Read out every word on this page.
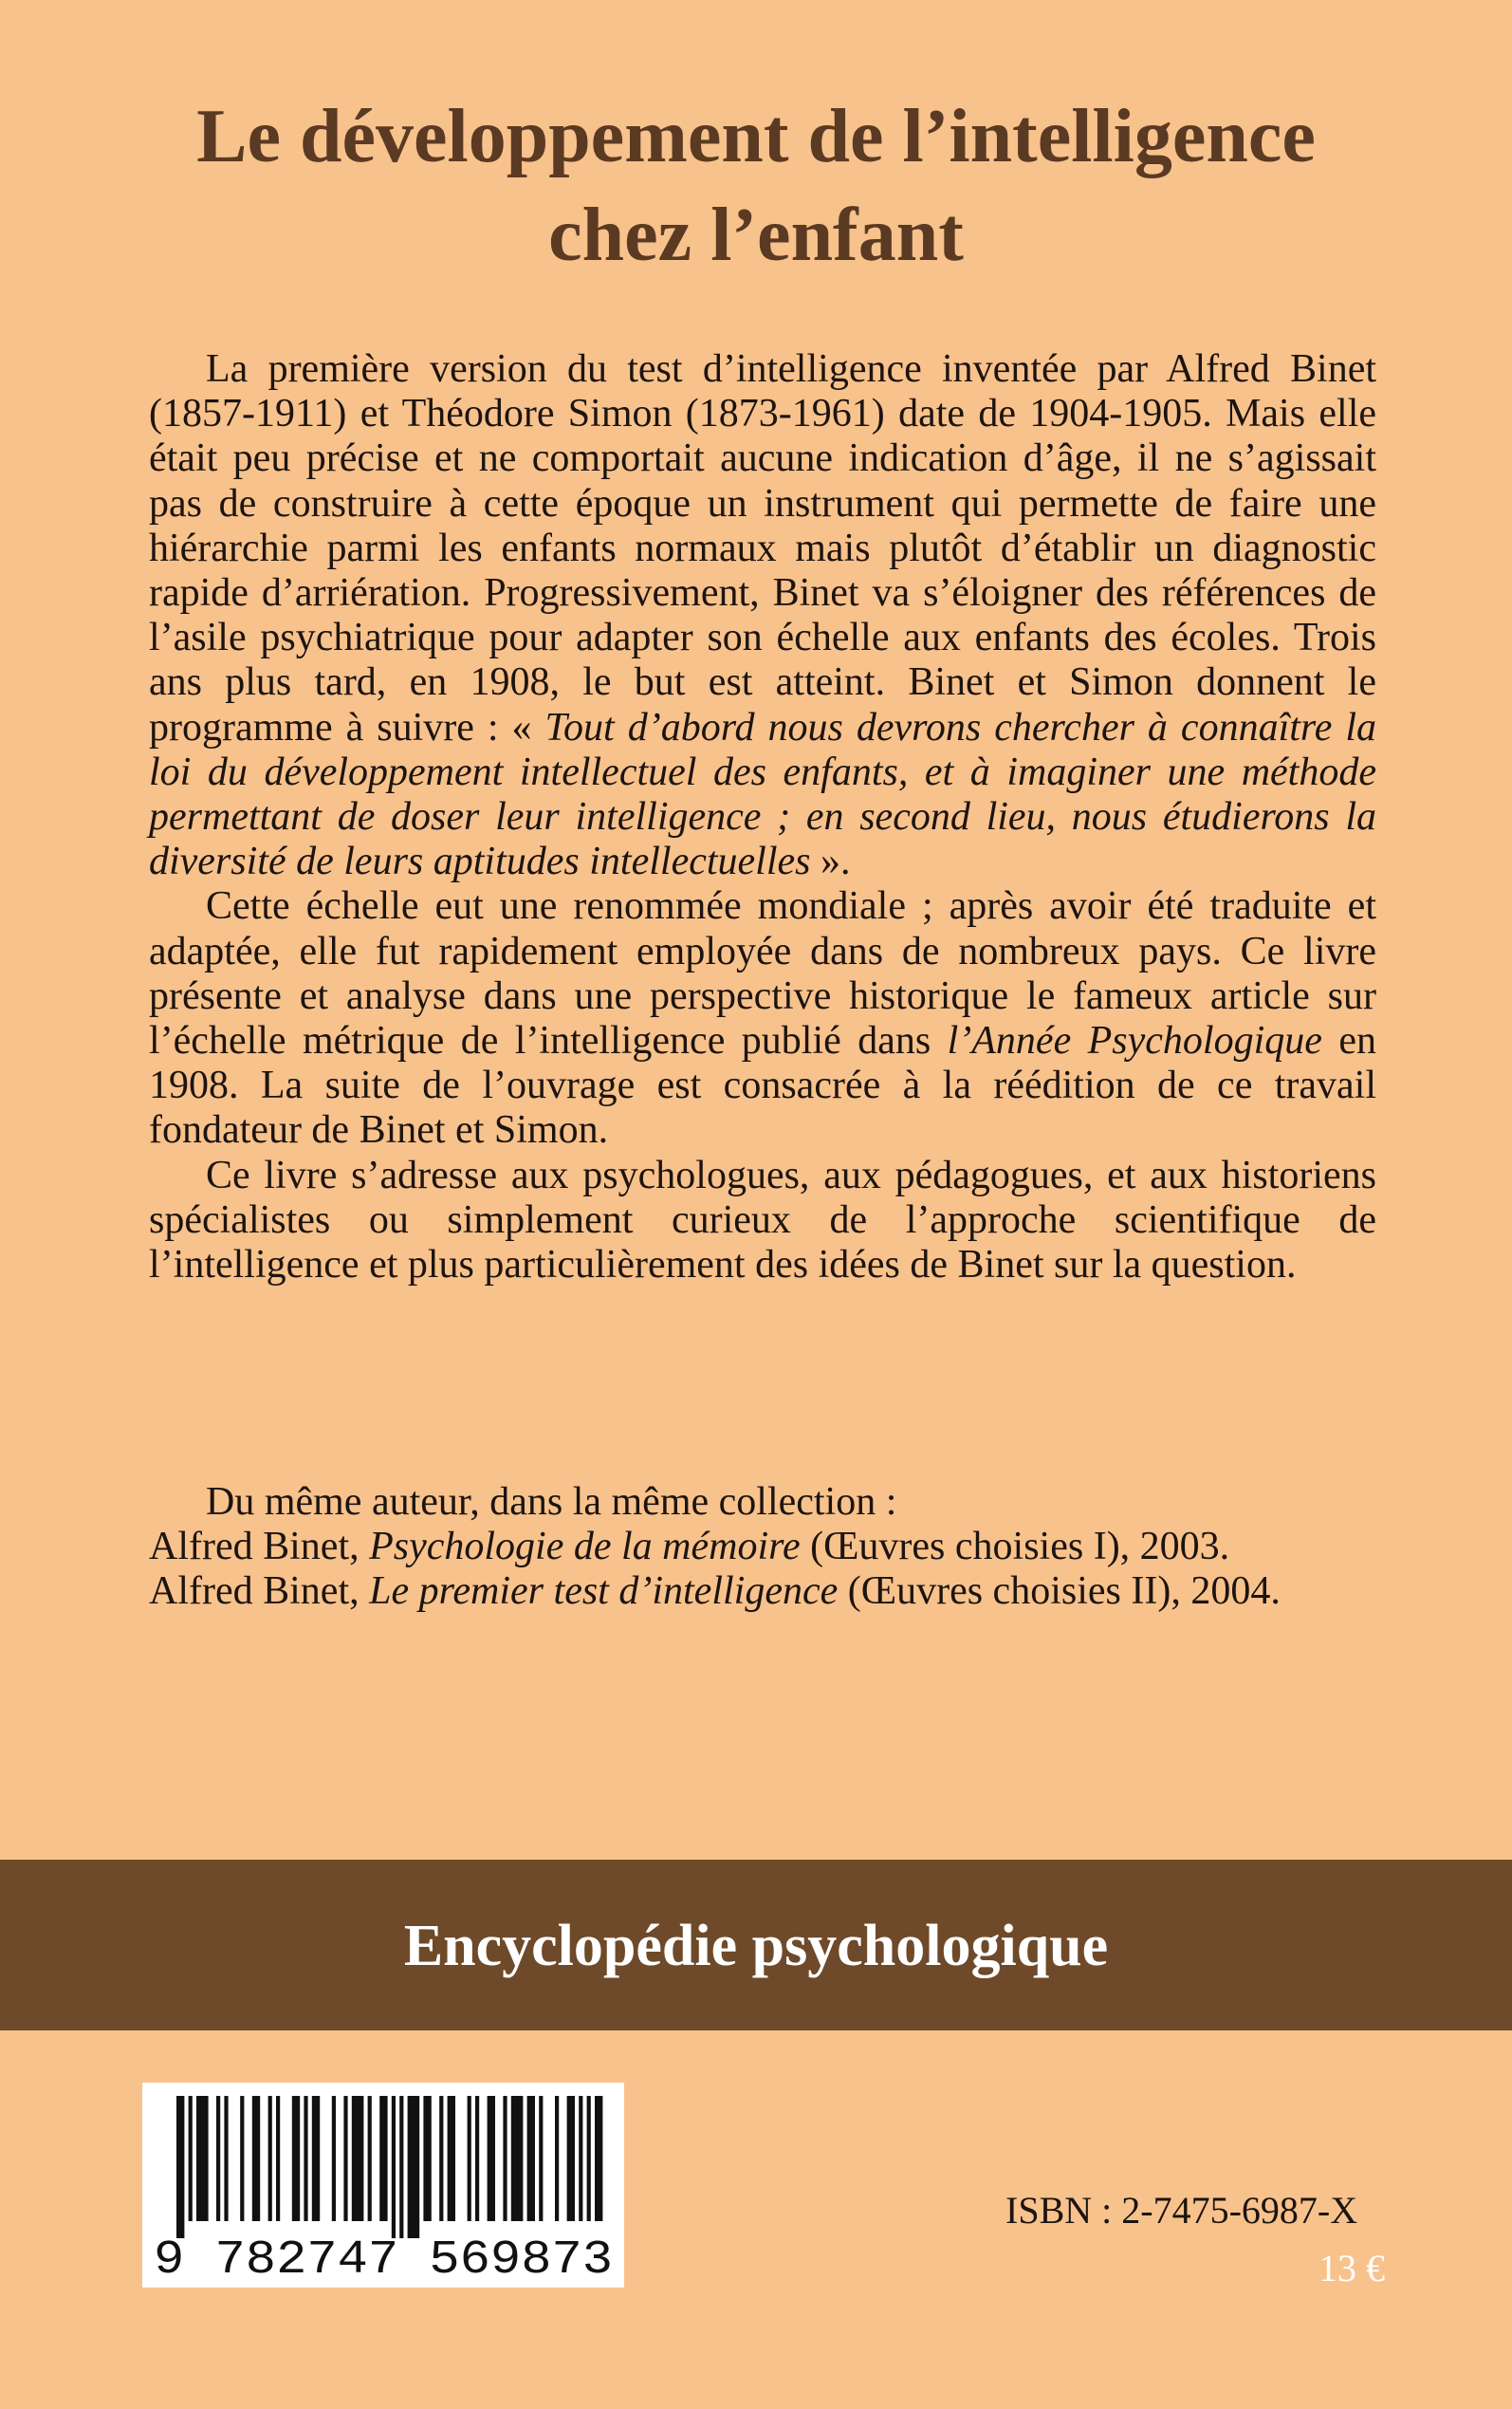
Le développement de l’intelligence
chez l’enfant

La première version du test d’intelligence inventée par Alfred Binet (1857-1911) et Théodore Simon (1873-1961) date de 1904-1905. Mais elle était peu précise et ne comportait aucune indication d’âge, il ne s’agissait pas de construire à cette époque un instrument qui permette de faire une hiérarchie parmi les enfants normaux mais plutôt d’établir un diagnostic rapide d’arriération. Progressivement, Binet va s’éloigner des références de l’asile psychiatrique pour adapter son échelle aux enfants des écoles. Trois ans plus tard, en 1908, le but est atteint. Binet et Simon donnent le programme à suivre : « Tout d’abord nous devrons chercher à connaître la loi du développement intellectuel des enfants, et à imaginer une méthode permettant de doser leur intelligence ; en second lieu, nous étudierons la diversité de leurs aptitudes intellectuelles ».

Cette échelle eut une renommée mondiale ; après avoir été traduite et adaptée, elle fut rapidement employée dans de nombreux pays. Ce livre présente et analyse dans une perspective historique le fameux article sur l’échelle métrique de l’intelligence publié dans l’Année Psychologique en 1908. La suite de l’ouvrage est consacrée à la réédition de ce travail fondateur de Binet et Simon.

Ce livre s’adresse aux psychologues, aux pédagogues, et aux historiens spécialistes ou simplement curieux de l’approche scientifique de l’intelligence et plus particulièrement des idées de Binet sur la question.

Du même auteur, dans la même collection :
Alfred Binet, Psychologie de la mémoire (Œuvres choisies I), 2003.
Alfred Binet, Le premier test d’intelligence (Œuvres choisies II), 2004.
Encyclopédie psychologique
9 782747 569873
ISBN : 2-7475-6987-X
13 €
